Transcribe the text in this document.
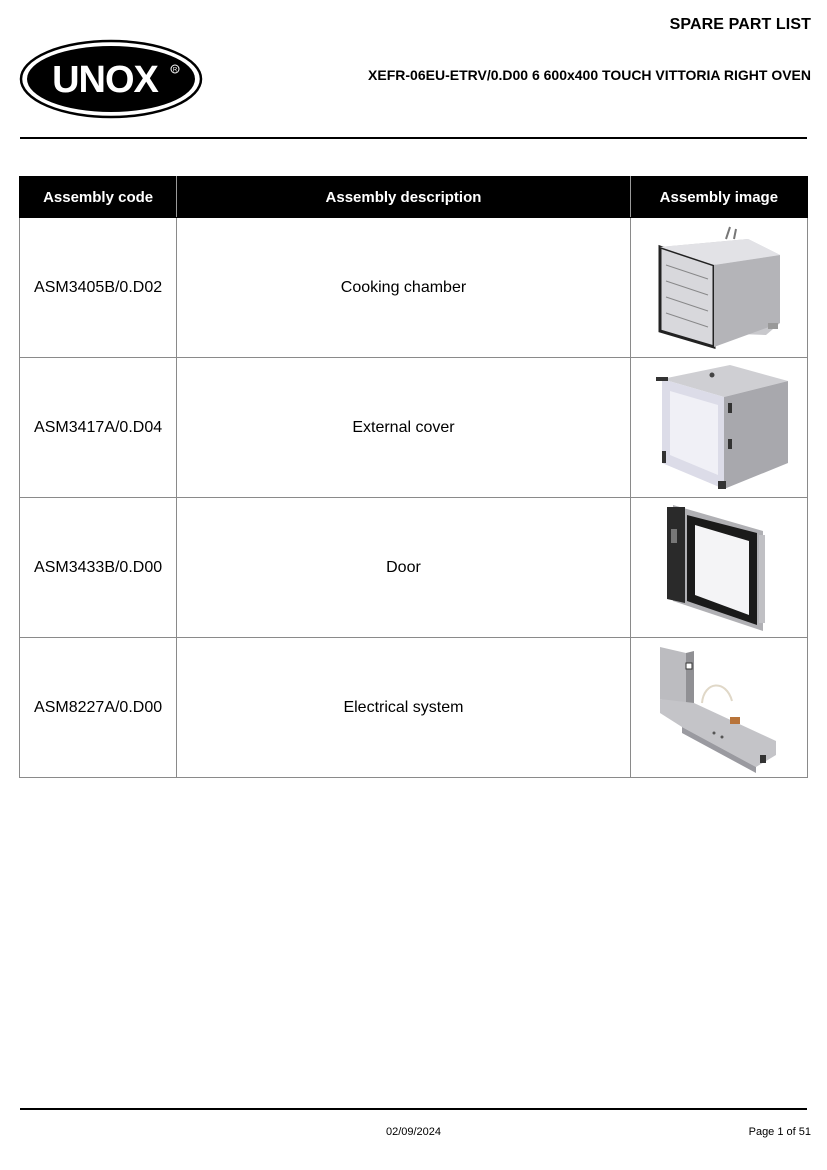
UNOX R
SPARE PART LIST
XEFR-06EU-ETRV/0.D00 6 600x400 TOUCH VITTORIA RIGHT OVEN
Assembly code	Assembly description	Assembly image
ASM3405B/0.D02	Cooking chamber	

ASM3417A/0.D04	External cover	

ASM3433B/0.D00	Door	

ASM8227A/0.D00	Electrical system	
02/09/2024	Page 1 of 51
